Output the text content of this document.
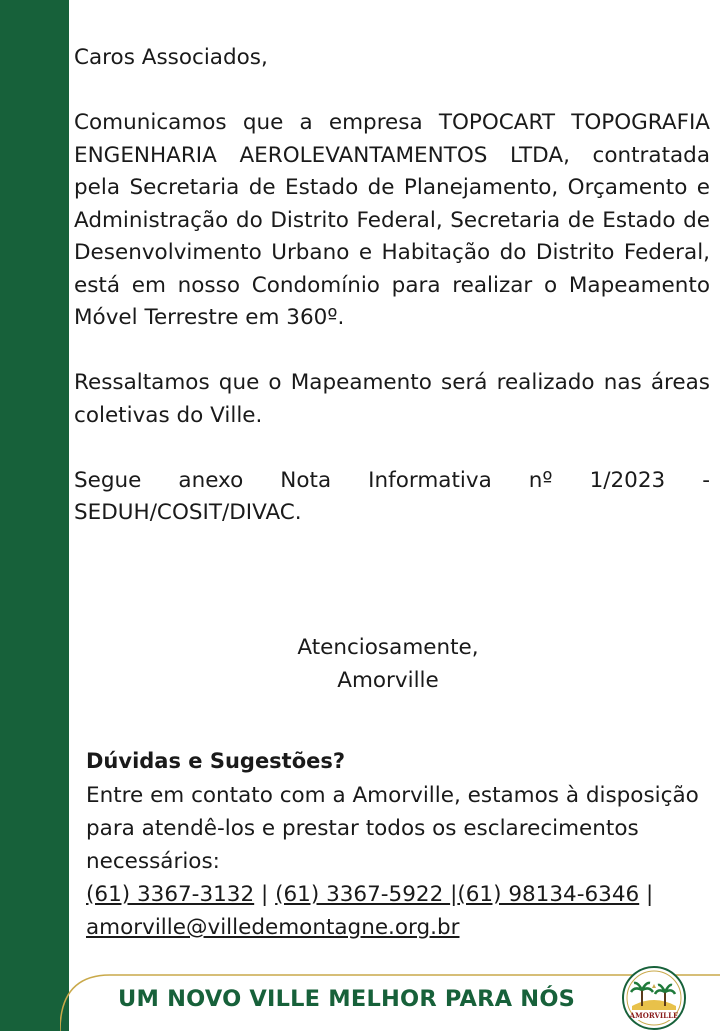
Caros Associados,

Comunicamos que a empresa TOPOCART TOPOGRAFIA ENGENHARIA AEROLEVANTAMENTOS LTDA, contratada pela Secretaria de Estado de Planejamento, Orçamento e Administração do Distrito Federal, Secretaria de Estado de Desenvolvimento Urbano e Habitação do Distrito Federal, está em nosso Condomínio para realizar o Mapeamento Móvel Terrestre em 360º.

Ressaltamos que o Mapeamento será realizado nas áreas coletivas do Ville.

Segue anexo Nota Informativa nº 1/2023 - SEDUH/COSIT/DIVAC.

Atenciosamente,
Amorville

Dúvidas e Sugestões?

Entre em contato com a Amorville, estamos à disposição para atendê-los e prestar todos os esclarecimentos necessários:
(61) 3367-3132 | (61) 3367-5922 |(61) 98134-6346 |
amorville@villedemontagne.org.br

UM NOVO VILLE MELHOR PARA NÓS
AMORVILLE
